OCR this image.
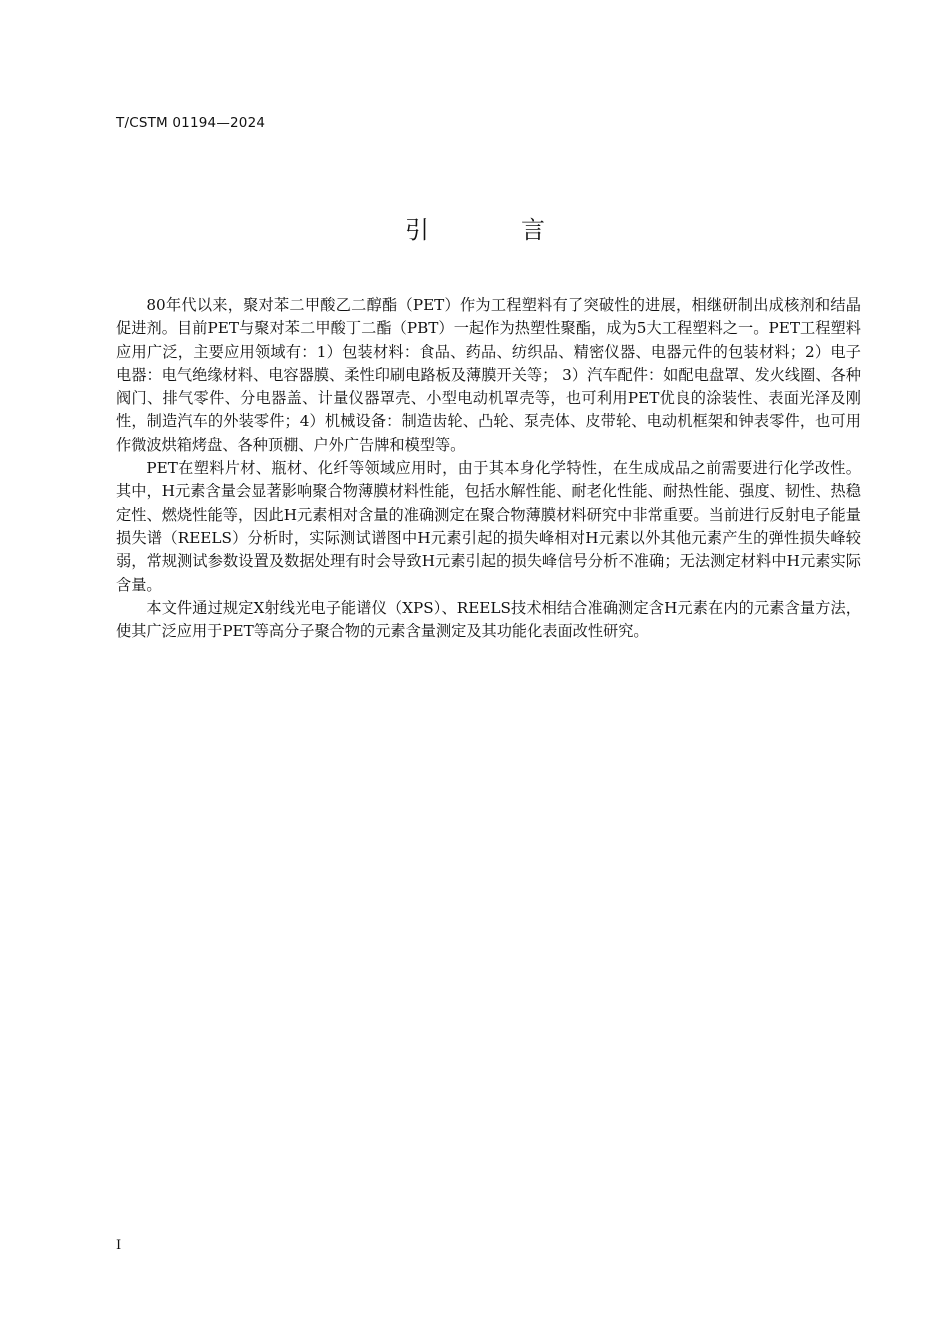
T/CSTM 01194—2024
引　言

80年代以来，聚对苯二甲酸乙二醇酯（PET）作为工程塑料有了突破性的进展，相继研制出成核剂和结晶促进剂。目前PET与聚对苯二甲酸丁二酯（PBT）一起作为热塑性聚酯，成为5大工程塑料之一。PET工程塑料应用广泛，主要应用领域有：1）包装材料：食品、药品、纺织品、精密仪器、电器元件的包装材料；2）电子电器：电气绝缘材料、电容器膜、柔性印刷电路板及薄膜开关等； 3）汽车配件：如配电盘罩、发火线圈、各种阀门、排气零件、分电器盖、计量仪器罩壳、小型电动机罩壳等，也可利用PET优良的涂装性、表面光泽及刚性，制造汽车的外装零件；4）机械设备：制造齿轮、凸轮、泵壳体、皮带轮、电动机框架和钟表零件，也可用作微波烘箱烤盘、各种顶棚、户外广告牌和模型等。

PET在塑料片材、瓶材、化纤等领域应用时，由于其本身化学特性，在生成成品之前需要进行化学改性。其中，H元素含量会显著影响聚合物薄膜材料性能，包括水解性能、耐老化性能、耐热性能、强度、韧性、热稳定性、燃烧性能等，因此H元素相对含量的准确测定在聚合物薄膜材料研究中非常重要。当前进行反射电子能量损失谱（REELS）分析时，实际测试谱图中H元素引起的损失峰相对H元素以外其他元素产生的弹性损失峰较弱，常规测试参数设置及数据处理有时会导致H元素引起的损失峰信号分析不准确；无法测定材料中H元素实际含量。

本文件通过规定X射线光电子能谱仪（XPS）、REELS技术相结合准确测定含H元素在内的元素含量方法，使其广泛应用于PET等高分子聚合物的元素含量测定及其功能化表面改性研究。

I
